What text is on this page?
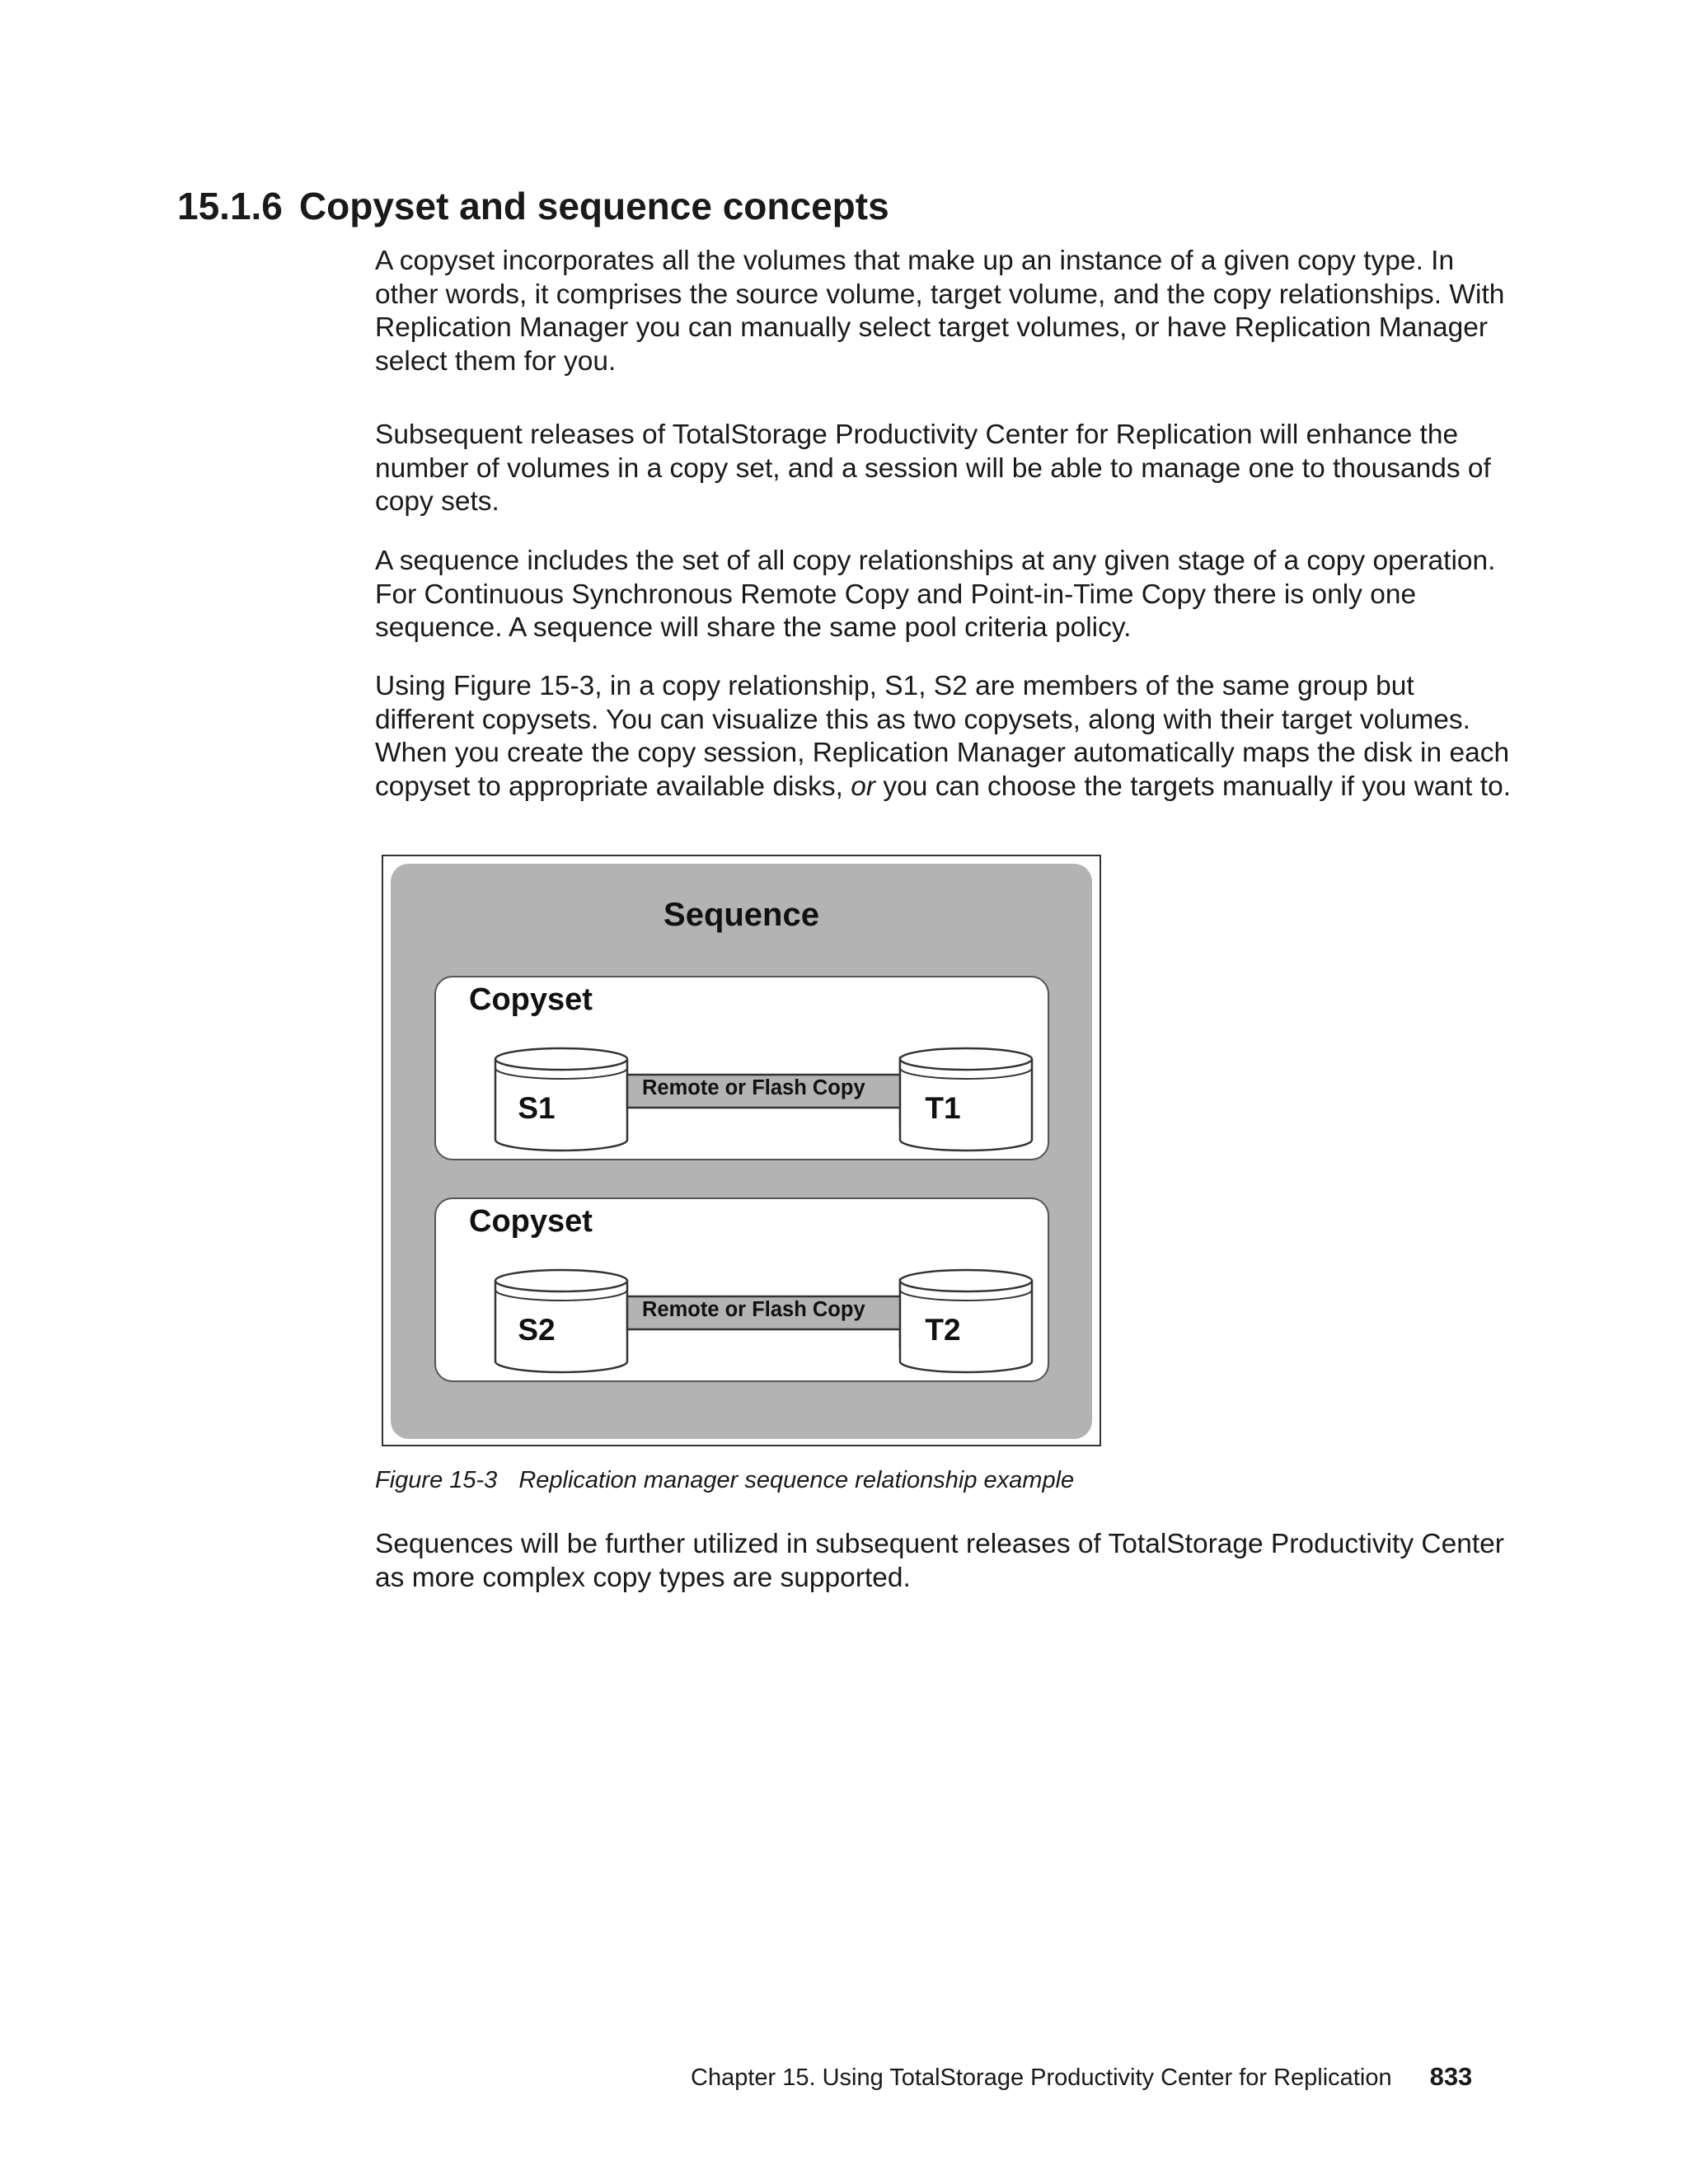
15.1.6 Copyset and sequence concepts

A copyset incorporates all the volumes that make up an instance of a given copy type. In other words, it comprises the source volume, target volume, and the copy relationships. With Replication Manager you can manually select target volumes, or have Replication Manager select them for you.

Subsequent releases of TotalStorage Productivity Center for Replication will enhance the number of volumes in a copy set, and a session will be able to manage one to thousands of copy sets.

A sequence includes the set of all copy relationships at any given stage of a copy operation. For Continuous Synchronous Remote Copy and Point-in-Time Copy there is only one sequence. A sequence will share the same pool criteria policy.

Using Figure 15-3, in a copy relationship, S1, S2 are members of the same group but different copysets. You can visualize this as two copysets, along with their target volumes. When you create the copy session, Replication Manager automatically maps the disk in each copyset to appropriate available disks, or you can choose the targets manually if you want to.

Sequence
Copyset
Remote or Flash Copy
S1	T1
Copyset
Remote or Flash Copy
S2	T2

Figure 15-3 Replication manager sequence relationship example

Sequences will be further utilized in subsequent releases of TotalStorage Productivity Center as more complex copy types are supported.

Chapter 15. Using TotalStorage Productivity Center for Replication 833
